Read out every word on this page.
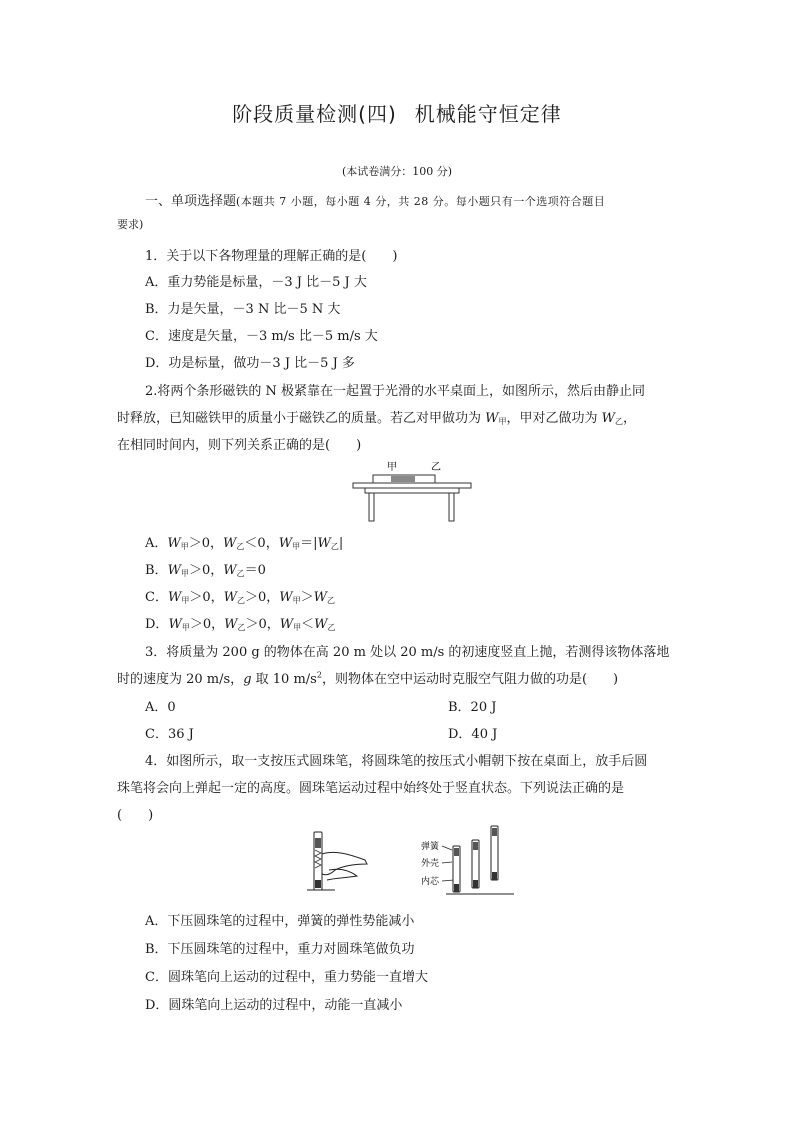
阶段质量检测(四) 机械能守恒定律
(本试卷满分：100 分)
一、单项选择题(本题共 7 小题，每小题 4 分，共 28 分。每小题只有一个选项符合题目
要求)
1．关于以下各物理量的理解正确的是(　　)
A．重力势能是标量，－3 J 比－5 J 大
B．力是矢量，－3 N 比－5 N 大
C．速度是矢量，－3 m/s 比－5 m/s 大
D．功是标量，做功－3 J 比－5 J 多
2.将两个条形磁铁的 N 极紧靠在一起置于光滑的水平桌面上，如图所示，然后由静止同
时释放，已知磁铁甲的质量小于磁铁乙的质量。若乙对甲做功为 W甲，甲对乙做功为 W乙，
在相同时间内，则下列关系正确的是(　　)
甲	乙
A．W甲＞0，W乙＜0，W甲＝|W乙|
B．W甲＞0，W乙＝0
C．W甲＞0，W乙＞0，W甲＞W乙
D．W甲＞0，W乙＞0，W甲＜W乙
3．将质量为 200 g 的物体在高 20 m 处以 20 m/s 的初速度竖直上抛，若测得该物体落地
时的速度为 20 m/s，g 取 10 $m/s^2$，则物体在空中运动时克服空气阻力做的功是(　　)
A．0	B．20 J
C．36 J	D．40 J
4．如图所示，取一支按压式圆珠笔，将圆珠笔的按压式小帽朝下按在桌面上，放手后圆
珠笔将会向上弹起一定的高度。圆珠笔运动过程中始终处于竖直状态。下列说法正确的是
(　　)
弹簧
外壳
内芯
A．下压圆珠笔的过程中，弹簧的弹性势能减小
B．下压圆珠笔的过程中，重力对圆珠笔做负功
C．圆珠笔向上运动的过程中，重力势能一直增大
D．圆珠笔向上运动的过程中，动能一直减小
